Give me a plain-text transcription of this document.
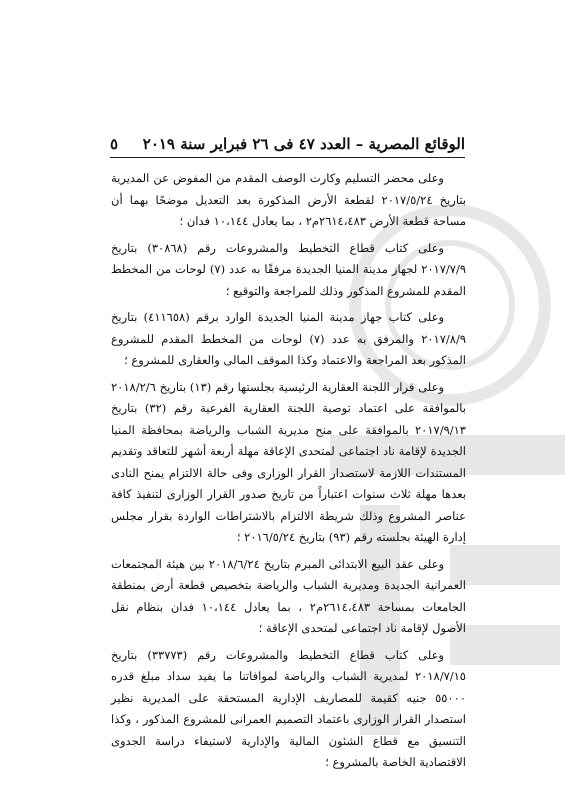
الوقائع المصرية – العدد ٤٧ فى ٢٦ فبراير سنة ٢٠١٩
٥

وعلى محضر التسليم وكارت الوصف المقدم من المفوض عن المديرية بتاريخ ٢٠١٧/٥/٢٤ لقطعة الأرض المذكورة بعد التعديل موضحًا بهما أن مساحة قطعة الأرض ٢٦١٤،٤٨٣م٢ ، بما يعادل ١٠،١٤٤ فدان ؛

وعلى كتاب قطاع التخطيط والمشروعات رقم (٣٠٨٦٨) بتاريخ ٢٠١٧/٧/٩ لجهاز مدينة المنيا الجديدة مرفقًا به عدد (٧) لوحات من المخطط المقدم للمشروع المذكور وذلك للمراجعة والتوقيع ؛

وعلى كتاب جهاز مدينة المنيا الجديدة الوارد برقم (٤١١٦٥٨) بتاريخ ٢٠١٧/٨/٩ والمرفق به عدد (٧) لوحات من المخطط المقدم للمشروع المذكور بعد المراجعة والاعتماد وكذا الموقف المالى والعقارى للمشروع ؛

وعلى قرار اللجنة العقارية الرئيسية بجلستها رقم (١٣) بتاريخ ٢٠١٨/٢/٦ بالموافقة على اعتماد توصية اللجنة العقارية الفرعية رقم (٣٢) بتاريخ ٢٠١٧/٩/١٣ بالموافقة على منح مديرية الشباب والرياضة بمحافظة المنيا الجديدة لإقامة ناد اجتماعى لمتحدى الإعاقة مهلة أربعة أشهر للتعاقد وتقديم المستندات اللازمة لاستصدار القرار الوزارى وفى حالة الالتزام يمنح النادى بعدها مهلة ثلاث سنوات اعتباراً من تاريخ صدور القرار الوزارى لتنفيذ كافة عناصر المشروع وذلك شريطة الالتزام بالاشتراطات الواردة بقرار مجلس إدارة الهيئة بجلسته رقم (٩٣) بتاريخ ٢٠١٦/٥/٢٤ ؛

وعلى عقد البيع الابتدائى المبرم بتاريخ ٢٠١٨/٦/٢٤ بين هيئة المجتمعات العمرانية الجديدة ومديرية الشباب والرياضة بتخصيص قطعة أرض بمنطقة الجامعات بمساحة ٢٦١٤،٤٨٣م٢ ، بما يعادل ١٠،١٤٤ فدان بنظام نقل الأصول لإقامة ناد اجتماعى لمتحدى الإعاقة ؛

وعلى كتاب قطاع التخطيط والمشروعات رقم (٣٣٧٧٣) بتاريخ ٢٠١٨/٧/١٥ لمديرية الشباب والرياضة لموافاتنا ما يفيد سداد مبلغ قدره ٥٥٠٠٠ جنيه كقيمة للمصاريف الإدارية المستحقة على المديرية نظير استصدار القرار الوزارى باعتماد التصميم العمرانى للمشروع المذكور ، وكذا التنسيق مع قطاع الشئون المالية والإدارية لاستيفاء دراسة الجدوى الاقتصادية الخاصة بالمشروع ؛
